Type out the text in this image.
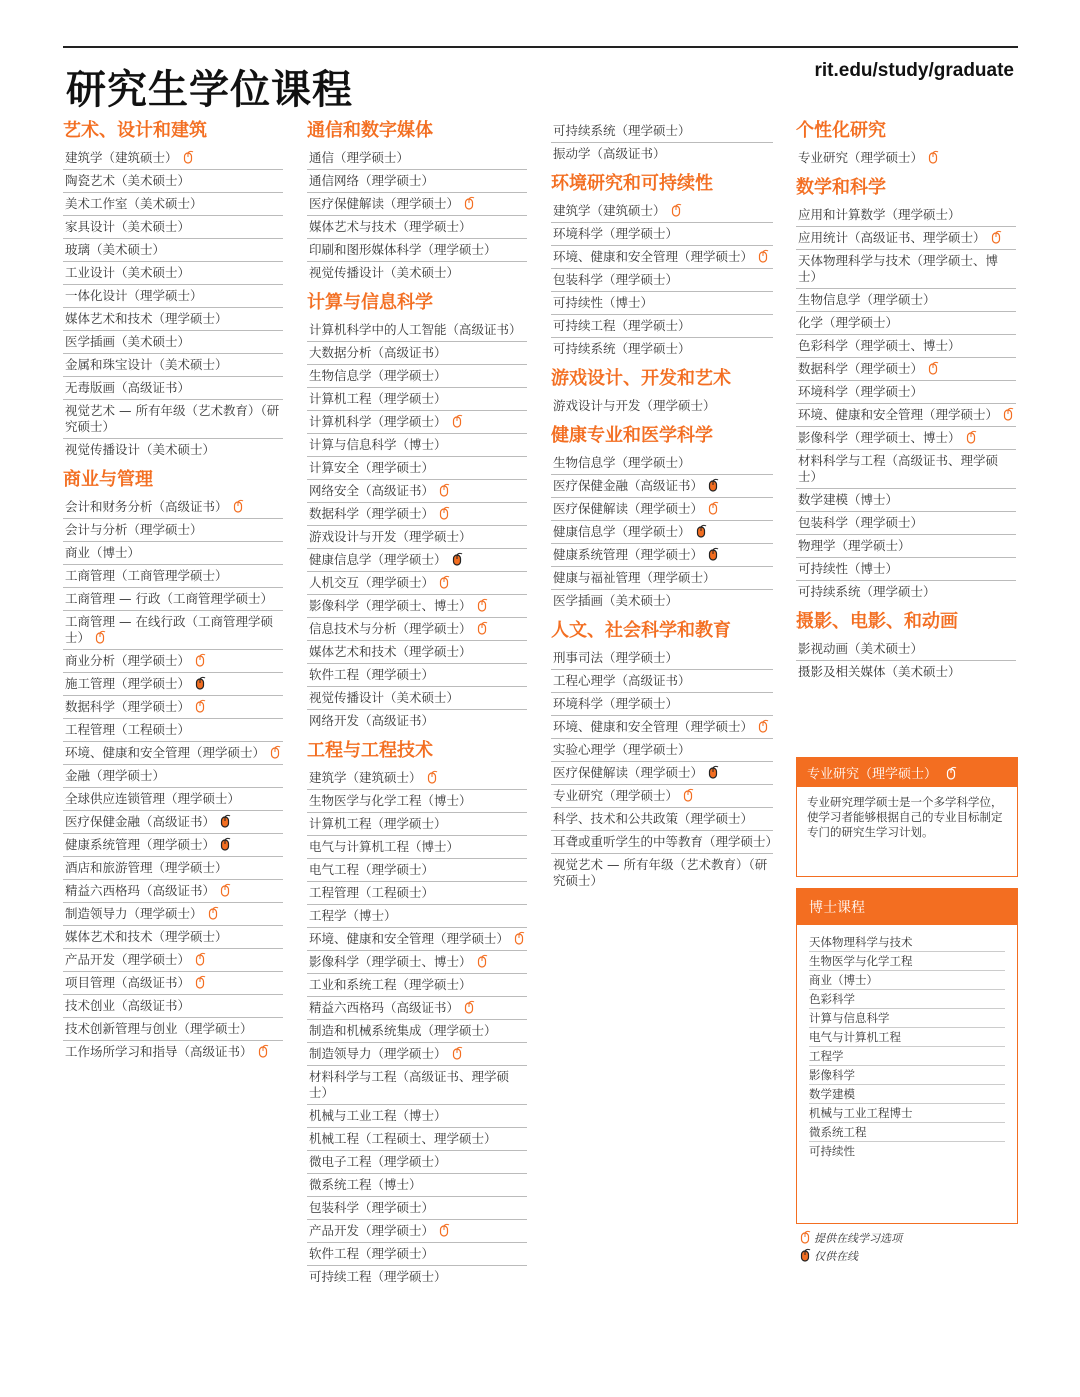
研究生学位课程	rit.edu/study/graduate
艺术、设计和建筑
建筑学（建筑硕士）
陶瓷艺术（美术硕士）
美术工作室（美术硕士）
家具设计（美术硕士）
玻璃（美术硕士）
工业设计（美术硕士）
一体化设计（理学硕士）
媒体艺术和技术（理学硕士）
医学插画（美术硕士）
金属和珠宝设计（美术硕士）
无毒版画（高级证书）
视觉艺术 — 所有年级（艺术教育）（研究硕士）
视觉传播设计（美术硕士）
商业与管理
会计和财务分析（高级证书）
会计与分析（理学硕士）
商业（博士）
工商管理（工商管理学硕士）
工商管理 — 行政（工商管理学硕士）
工商管理 — 在线行政（工商管理学硕士）
商业分析（理学硕士）
施工管理（理学硕士）
数据科学（理学硕士）
工程管理（工程硕士）
环境、健康和安全管理（理学硕士）
金融（理学硕士）
全球供应连锁管理（理学硕士）
医疗保健金融（高级证书）
健康系统管理（理学硕士）
酒店和旅游管理（理学硕士）
精益六西格玛（高级证书）
制造领导力（理学硕士）
媒体艺术和技术（理学硕士）
产品开发（理学硕士）
项目管理（高级证书）
技术创业（高级证书）
技术创新管理与创业（理学硕士）
工作场所学习和指导（高级证书）
通信和数字媒体
通信（理学硕士）
通信网络（理学硕士）
医疗保健解读（理学硕士）
媒体艺术与技术（理学硕士）
印刷和图形媒体科学（理学硕士）
视觉传播设计（美术硕士）
计算与信息科学
计算机科学中的人工智能（高级证书）
大数据分析（高级证书）
生物信息学（理学硕士）
计算机工程（理学硕士）
计算机科学（理学硕士）
计算与信息科学（博士）
计算安全（理学硕士）
网络安全（高级证书）
数据科学（理学硕士）
游戏设计与开发（理学硕士）
健康信息学（理学硕士）
人机交互（理学硕士）
影像科学（理学硕士、博士）
信息技术与分析（理学硕士）
媒体艺术和技术（理学硕士）
软件工程（理学硕士）
视觉传播设计（美术硕士）
网络开发（高级证书）
工程与工程技术
建筑学（建筑硕士）
生物医学与化学工程（博士）
计算机工程（理学硕士）
电气与计算机工程（博士）
电气工程（理学硕士）
工程管理（工程硕士）
工程学（博士）
环境、健康和安全管理（理学硕士）
影像科学（理学硕士、博士）
工业和系统工程（理学硕士）
精益六西格玛（高级证书）
制造和机械系统集成（理学硕士）
制造领导力（理学硕士）
材料科学与工程（高级证书、理学硕士）
机械与工业工程（博士）
机械工程（工程硕士、理学硕士）
微电子工程（理学硕士）
微系统工程（博士）
包装科学（理学硕士）
产品开发（理学硕士）
软件工程（理学硕士）
可持续工程（理学硕士）
可持续系统（理学硕士）
振动学（高级证书）
环境研究和可持续性
建筑学（建筑硕士）
环境科学（理学硕士）
环境、健康和安全管理（理学硕士）
包装科学（理学硕士）
可持续性（博士）
可持续工程（理学硕士）
可持续系统（理学硕士）
游戏设计、开发和艺术
游戏设计与开发（理学硕士）
健康专业和医学科学
生物信息学（理学硕士）
医疗保健金融（高级证书）
医疗保健解读（理学硕士）
健康信息学（理学硕士）
健康系统管理（理学硕士）
健康与福祉管理（理学硕士）
医学插画（美术硕士）
人文、社会科学和教育
刑事司法（理学硕士）
工程心理学（高级证书）
环境科学（理学硕士）
环境、健康和安全管理（理学硕士）
实验心理学（理学硕士）
医疗保健解读（理学硕士）
专业研究（理学硕士）
科学、技术和公共政策（理学硕士）
耳聋或重听学生的中等教育（理学硕士）
视觉艺术 — 所有年级（艺术教育）（研究硕士）
个性化研究
专业研究（理学硕士）
数学和科学
应用和计算数学（理学硕士）
应用统计（高级证书、理学硕士）
天体物理科学与技术（理学硕士、博士）
生物信息学（理学硕士）
化学（理学硕士）
色彩科学（理学硕士、博士）
数据科学（理学硕士）
环境科学（理学硕士）
环境、健康和安全管理（理学硕士）
影像科学（理学硕士、博士）
材料科学与工程（高级证书、理学硕士）
数学建模（博士）
包装科学（理学硕士）
物理学（理学硕士）
可持续性（博士）
可持续系统（理学硕士）
摄影、电影、和动画
影视动画（美术硕士）
摄影及相关媒体（美术硕士）
专业研究（理学硕士）
专业研究理学硕士是一个多学科学位，使学习者能够根据自己的专业目标制定专门的研究生学习计划。
博士课程
天体物理科学与技术
生物医学与化学工程
商业（博士）
色彩科学
计算与信息科学
电气与计算机工程
工程学
影像科学
数学建模
机械与工业工程博士
微系统工程
可持续性
提供在线学习选项
仅供在线
